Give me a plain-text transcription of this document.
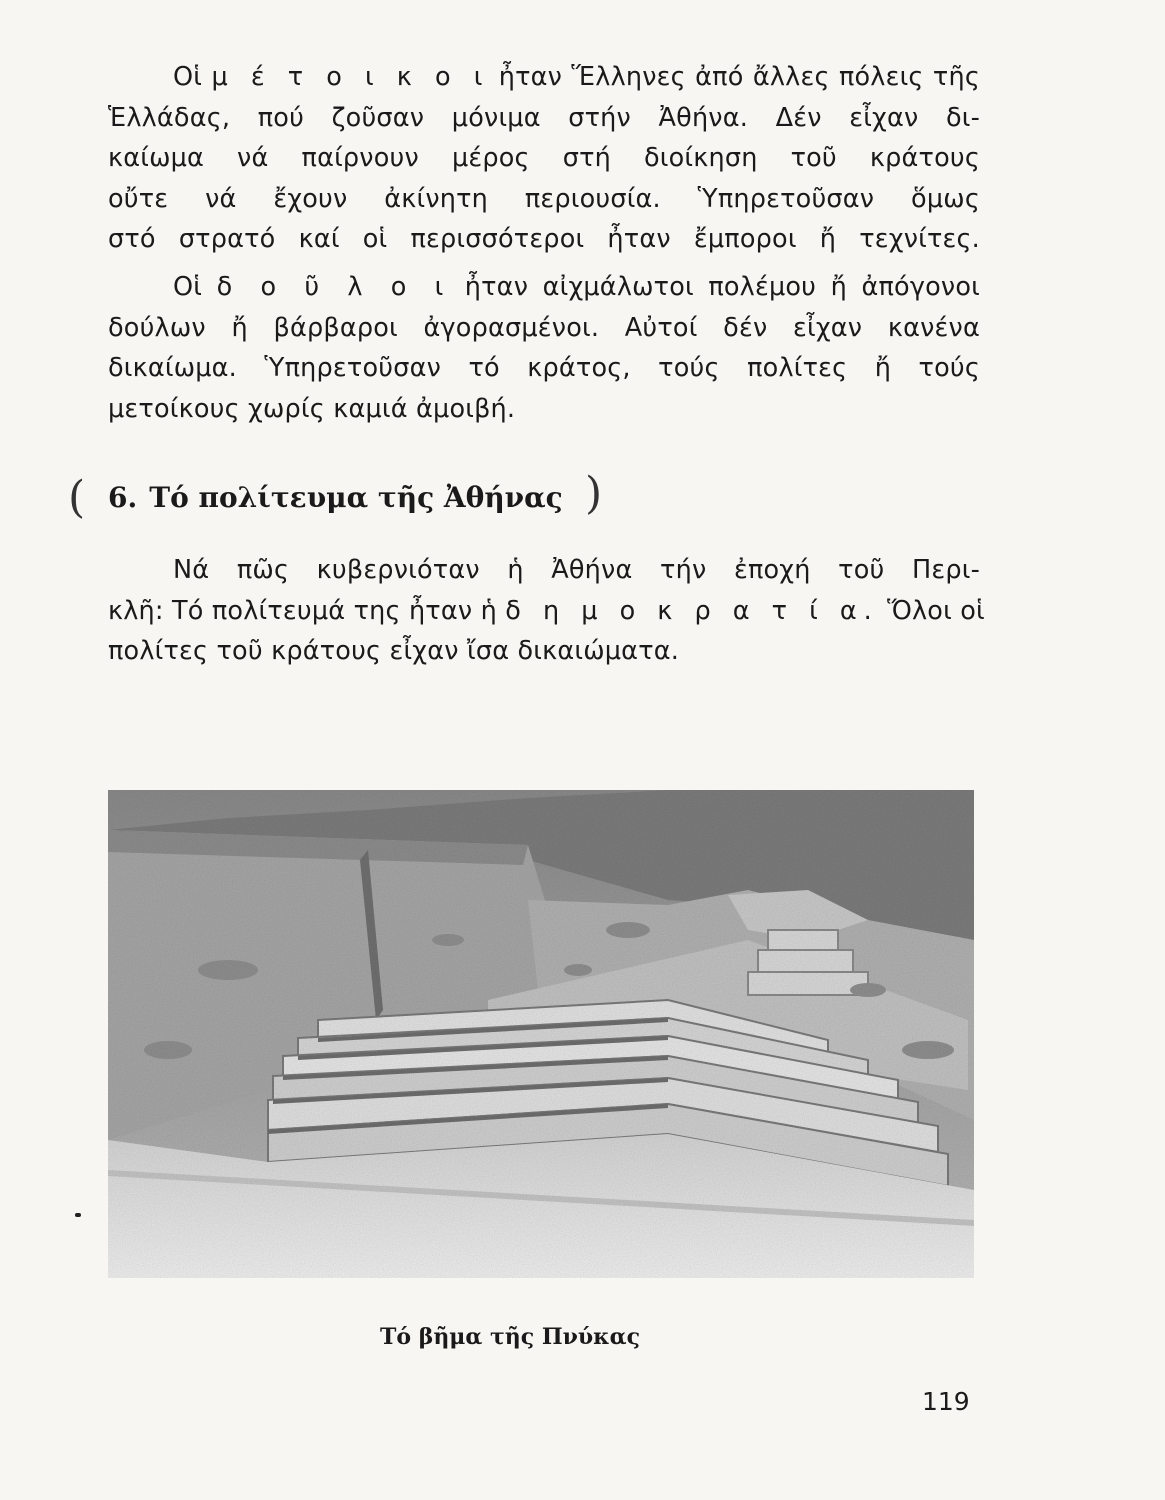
Οἱ μ έ τ ο ι κ ο ι ἦταν Ἕλληνες ἀπό ἄλλες πόλεις τῆς
Ἑλλάδας, πού ζοῦσαν μόνιμα στήν Ἀθήνα. Δέν εἶχαν δι-
καίωμα νά παίρνουν μέρος στή διοίκηση τοῦ κράτους
οὔτε νά ἔχουν ἀκίνητη περιουσία. Ὑπηρετοῦσαν ὅμως
στό στρατό καί οἱ περισσότεροι ἦταν ἔμποροι ἤ τεχνίτες.
Οἱ δ ο ῦ λ ο ι ἦταν αἰχμάλωτοι πολέμου ἤ ἀπόγονοι
δούλων ἤ βάρβαροι ἀγορασμένοι. Αὐτοί δέν εἶχαν κανένα
δικαίωμα. Ὑπηρετοῦσαν τό κράτος, τούς πολίτες ἤ τούς
μετοίκους χωρίς καμιά ἀμοιβή.
( 6. Τό πολίτευμα τῆς Ἀθήνας )
Νά πῶς κυβερνιόταν ἡ Ἀθήνα τήν ἐποχή τοῦ Περι-
κλῆ: Τό πολίτευμά της ἦταν ἡ δ η μ ο κ ρ α τ ί α. Ὅλοι οἱ
πολίτες τοῦ κράτους εἶχαν ἴσα δικαιώματα.
Τό βῆμα τῆς Πνύκας
119
